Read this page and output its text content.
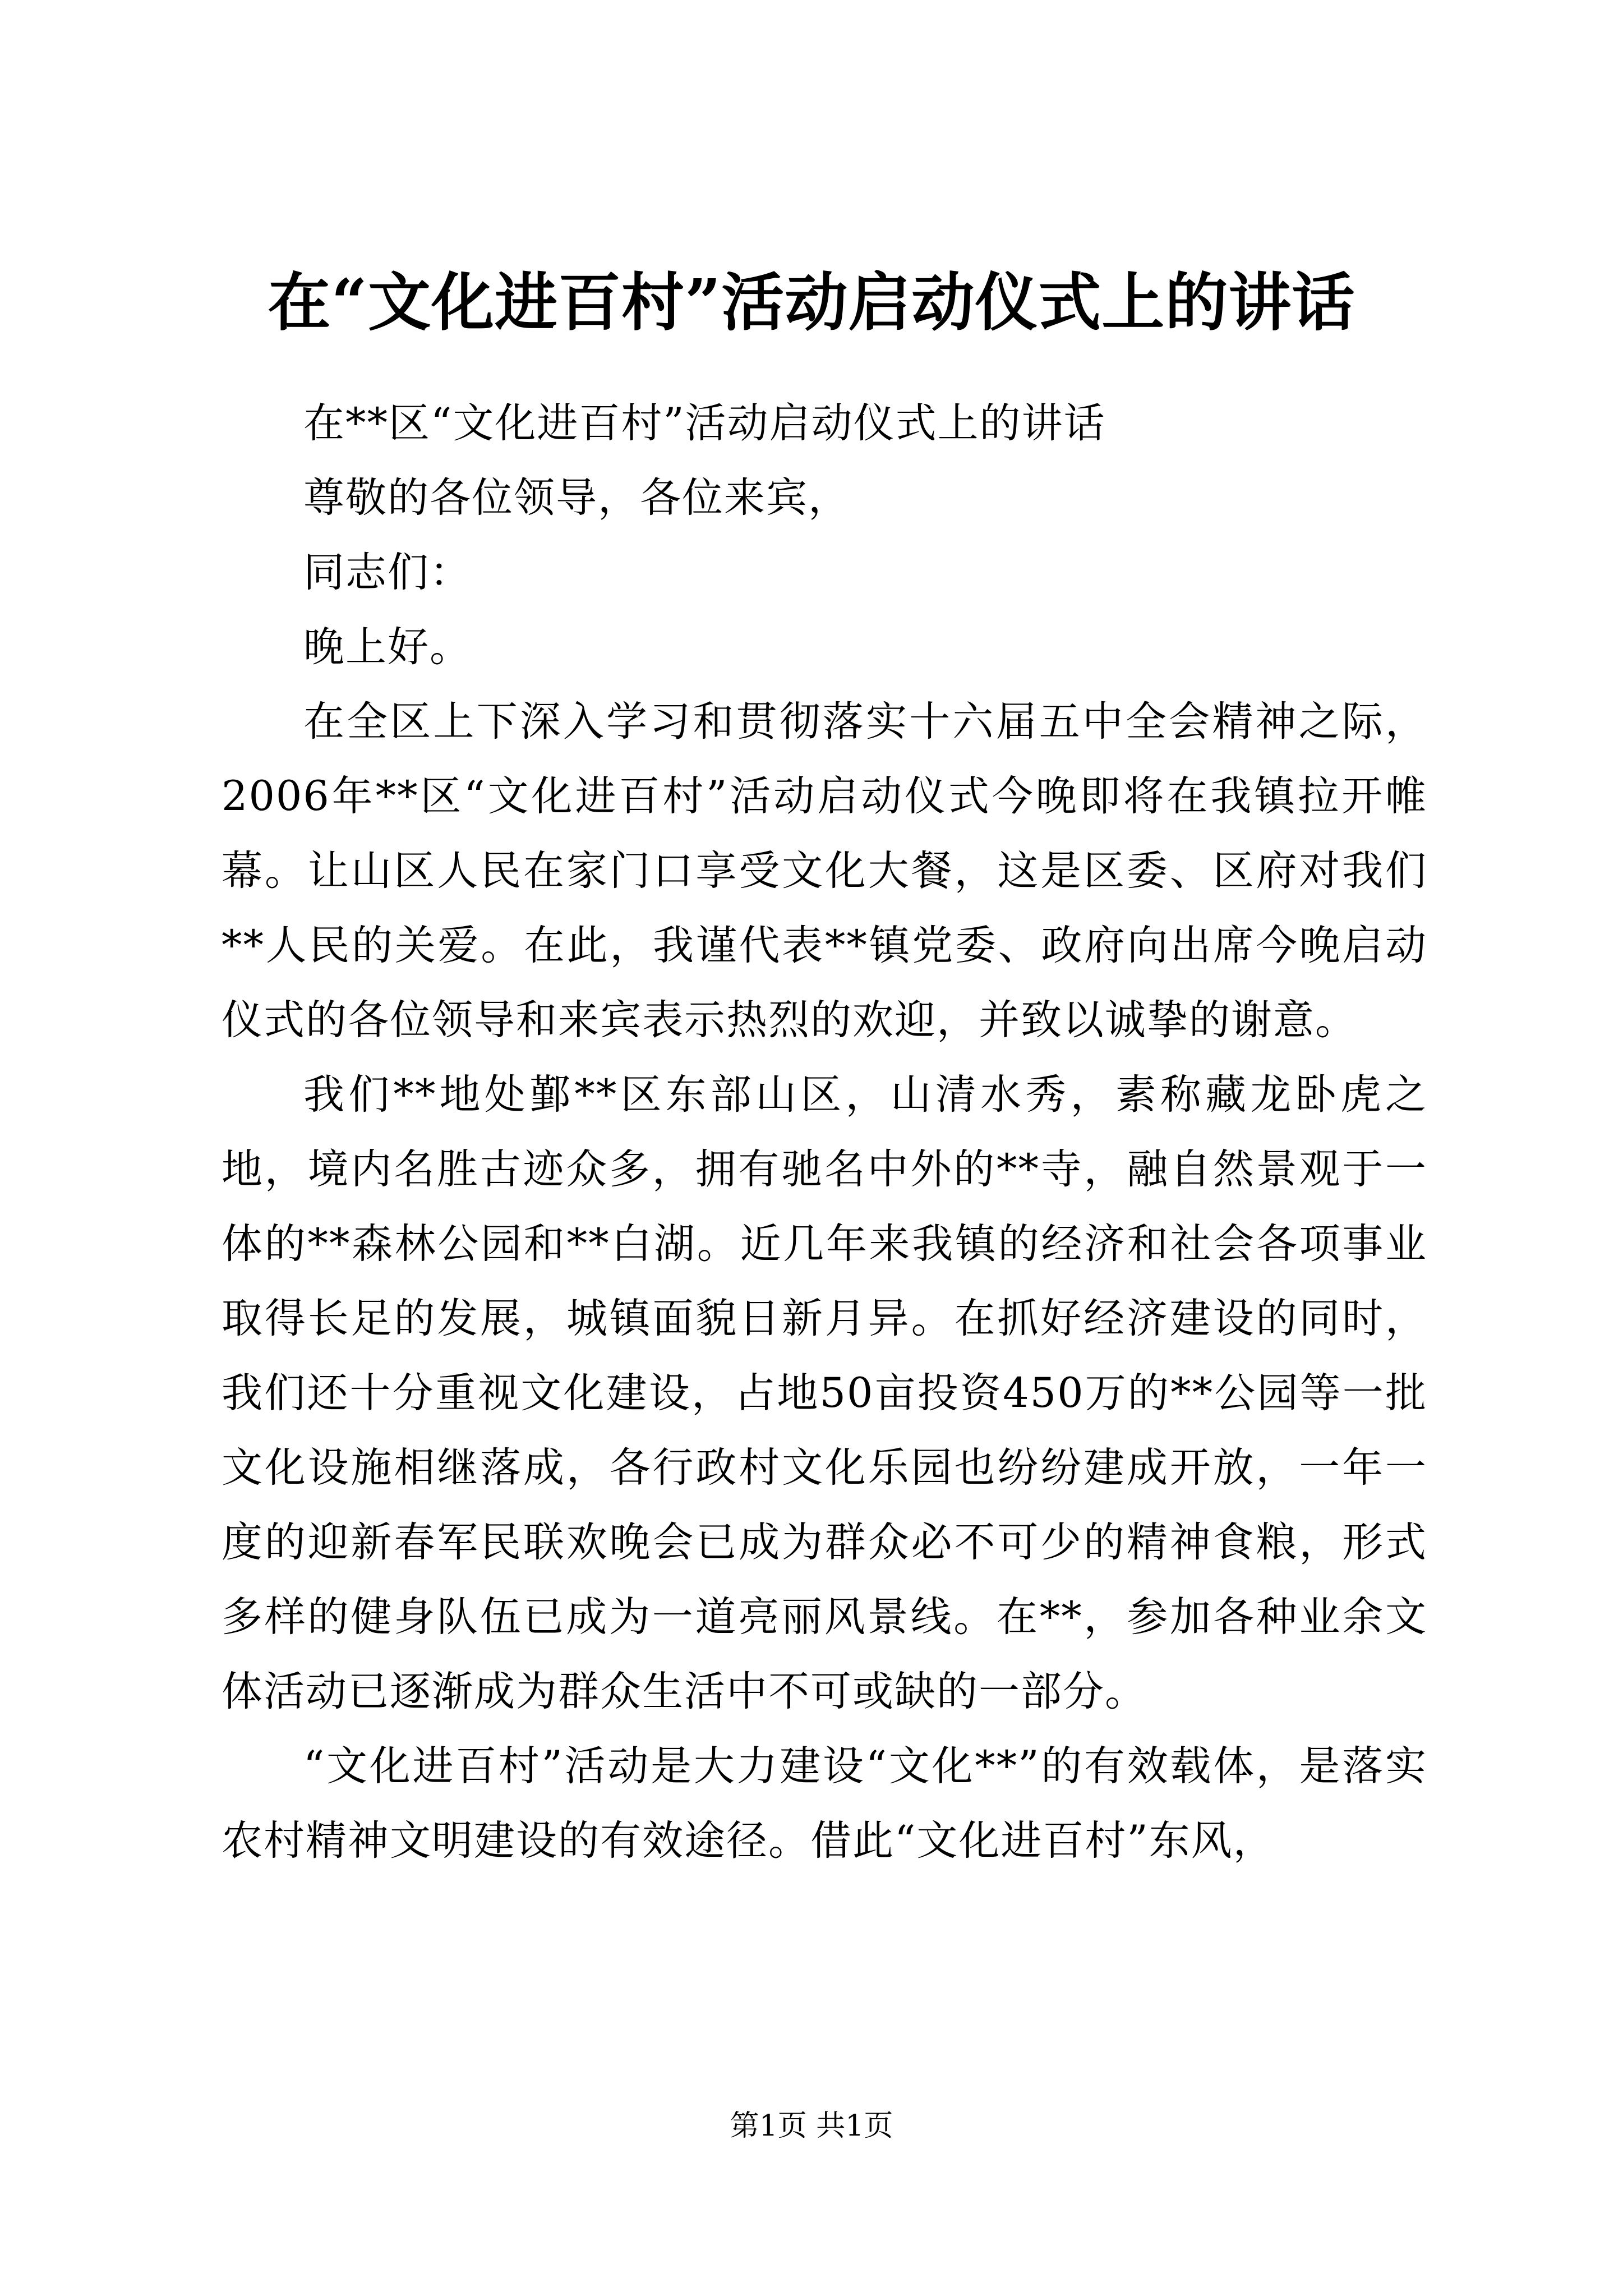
在“文化进百村”活动启动仪式上的讲话

在**区“文化进百村”活动启动仪式上的讲话

尊敬的各位领导，各位来宾，

同志们：

晚上好。

在全区上下深入学习和贯彻落实十六届五中全会精神之际，2006年**区“文化进百村”活动启动仪式今晚即将在我镇拉开帷幕。让山区人民在家门口享受文化大餐，这是区委、区府对我们**人民的关爱。在此，我谨代表**镇党委、政府向出席今晚启动仪式的各位领导和来宾表示热烈的欢迎，并致以诚挚的谢意。

我们**地处鄞**区东部山区，山清水秀，素称藏龙卧虎之地，境内名胜古迹众多，拥有驰名中外的**寺，融自然景观于一体的**森林公园和**白湖。近几年来我镇的经济和社会各项事业取得长足的发展，城镇面貌日新月异。在抓好经济建设的同时，我们还十分重视文化建设，占地50亩投资450万的**公园等一批文化设施相继落成，各行政村文化乐园也纷纷建成开放，一年一度的迎新春军民联欢晚会已成为群众必不可少的精神食粮，形式多样的健身队伍已成为一道亮丽风景线。在**，参加各种业余文体活动已逐渐成为群众生活中不可或缺的一部分。

“文化进百村”活动是大力建设“文化**”的有效载体，是落实农村精神文明建设的有效途径。借此“文化进百村”东风，

第1页 共1页
